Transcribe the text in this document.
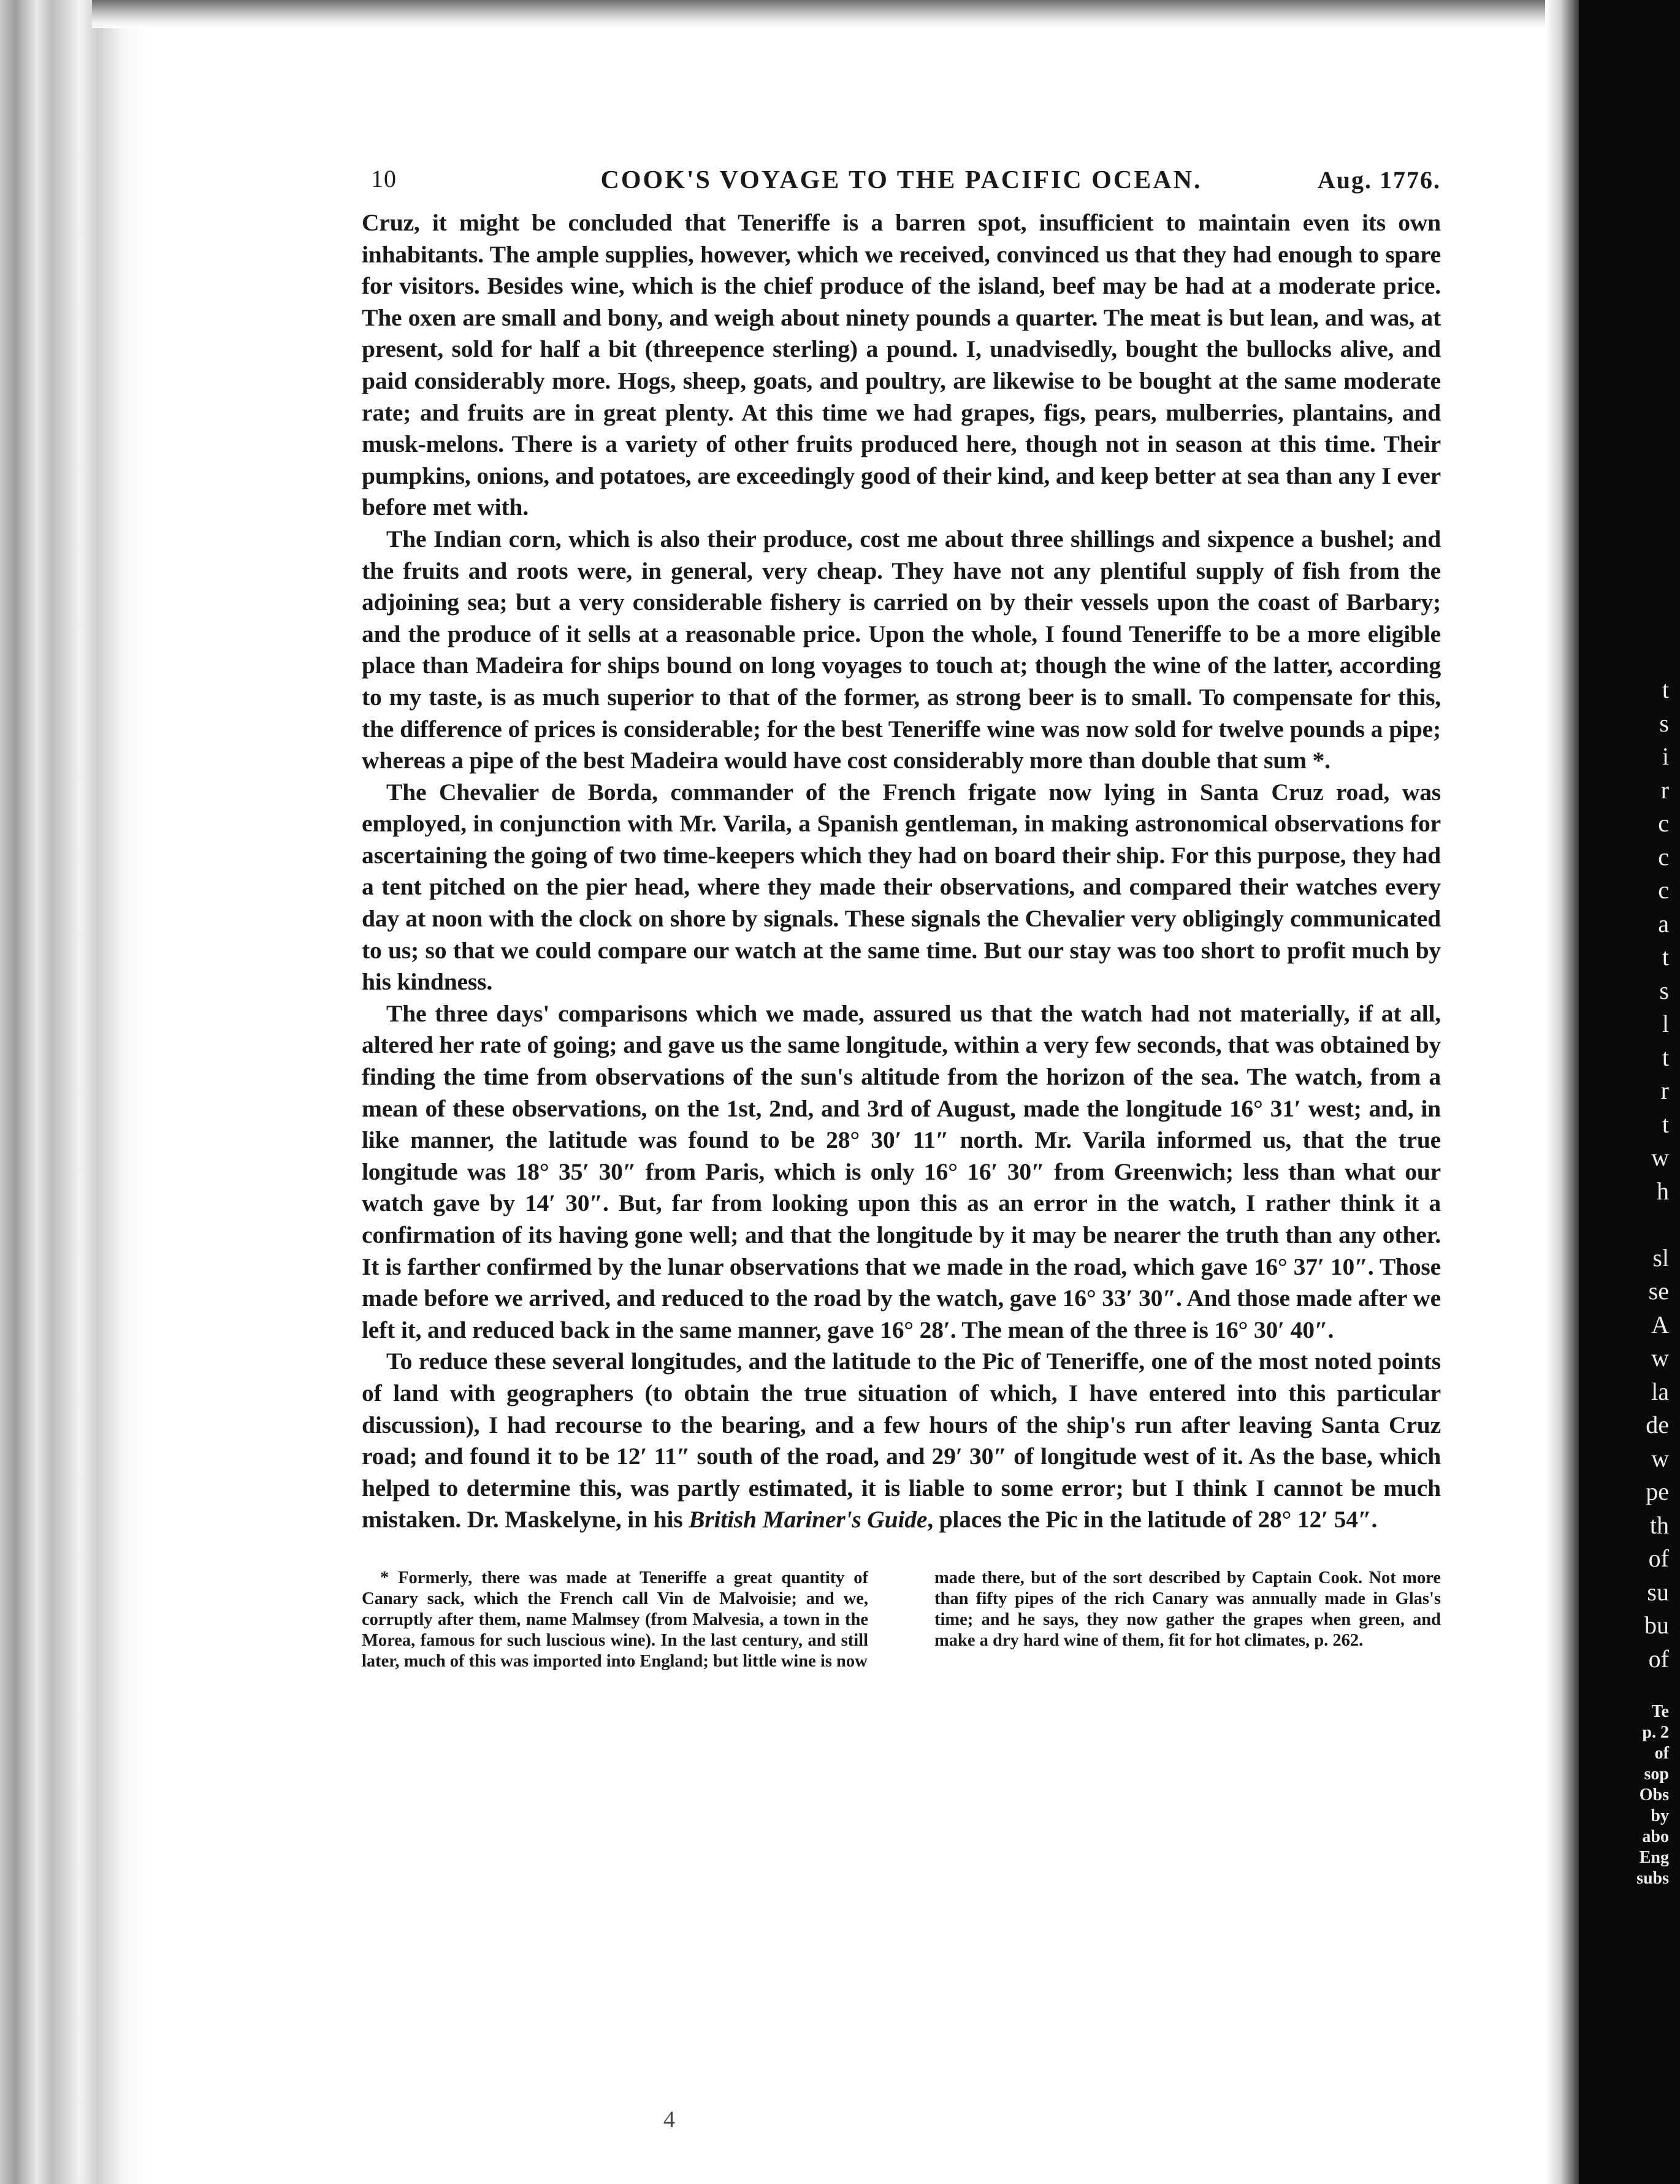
t
s
i
r
c
c
c
a
t
s
l
t
r
t
w
h
sl
se
A
w
la
de
w
pe
th
of
su
bu
of
Te
p. 2
of
sop
Obs
by
abo
Eng
subs
10	COOK'S VOYAGE TO THE PACIFIC OCEAN.	Aug. 1776.

Cruz, it might be concluded that Teneriffe is a barren spot, insufficient to maintain even its own inhabitants. The ample supplies, however, which we received, convinced us that they had enough to spare for visitors. Besides wine, which is the chief produce of the island, beef may be had at a moderate price. The oxen are small and bony, and weigh about ninety pounds a quarter. The meat is but lean, and was, at present, sold for half a bit (threepence sterling) a pound. I, unadvisedly, bought the bullocks alive, and paid considerably more. Hogs, sheep, goats, and poultry, are likewise to be bought at the same moderate rate; and fruits are in great plenty. At this time we had grapes, figs, pears, mulberries, plantains, and musk-melons. There is a variety of other fruits produced here, though not in season at this time. Their pumpkins, onions, and potatoes, are exceedingly good of their kind, and keep better at sea than any I ever before met with.

The Indian corn, which is also their produce, cost me about three shillings and sixpence a bushel; and the fruits and roots were, in general, very cheap. They have not any plentiful supply of fish from the adjoining sea; but a very considerable fishery is carried on by their vessels upon the coast of Barbary; and the produce of it sells at a reasonable price. Upon the whole, I found Teneriffe to be a more eligible place than Madeira for ships bound on long voyages to touch at; though the wine of the latter, according to my taste, is as much superior to that of the former, as strong beer is to small. To compensate for this, the difference of prices is considerable; for the best Teneriffe wine was now sold for twelve pounds a pipe; whereas a pipe of the best Madeira would have cost considerably more than double that sum *.

The Chevalier de Borda, commander of the French frigate now lying in Santa Cruz road, was employed, in conjunction with Mr. Varila, a Spanish gentleman, in making astronomical observations for ascertaining the going of two time-keepers which they had on board their ship. For this purpose, they had a tent pitched on the pier head, where they made their observations, and compared their watches every day at noon with the clock on shore by signals. These signals the Chevalier very obligingly communicated to us; so that we could compare our watch at the same time. But our stay was too short to profit much by his kindness.

The three days' comparisons which we made, assured us that the watch had not materially, if at all, altered her rate of going; and gave us the same longitude, within a very few seconds, that was obtained by finding the time from observations of the sun's altitude from the horizon of the sea. The watch, from a mean of these observations, on the 1st, 2nd, and 3rd of August, made the longitude 16° 31′ west; and, in like manner, the latitude was found to be 28° 30′ 11″ north. Mr. Varila informed us, that the true longitude was 18° 35′ 30″ from Paris, which is only 16° 16′ 30″ from Greenwich; less than what our watch gave by 14′ 30″. But, far from looking upon this as an error in the watch, I rather think it a confirmation of its having gone well; and that the longitude by it may be nearer the truth than any other. It is farther confirmed by the lunar observations that we made in the road, which gave 16° 37′ 10″. Those made before we arrived, and reduced to the road by the watch, gave 16° 33′ 30″. And those made after we left it, and reduced back in the same manner, gave 16° 28′. The mean of the three is 16° 30′ 40″.

To reduce these several longitudes, and the latitude to the Pic of Teneriffe, one of the most noted points of land with geographers (to obtain the true situation of which, I have entered into this particular discussion), I had recourse to the bearing, and a few hours of the ship's run after leaving Santa Cruz road; and found it to be 12′ 11″ south of the road, and 29′ 30″ of longitude west of it. As the base, which helped to determine this, was partly estimated, it is liable to some error; but I think I cannot be much mistaken. Dr. Maskelyne, in his British Mariner's Guide, places the Pic in the latitude of 28° 12′ 54″.

* Formerly, there was made at Teneriffe a great quantity of Canary sack, which the French call Vin de Malvoisie; and we, corruptly after them, name Malmsey (from Malvesia, a town in the Morea, famous for such luscious wine). In the last century, and still later, much of this was imported into England; but little wine is now

made there, but of the sort described by Captain Cook. Not more than fifty pipes of the rich Canary was annually made in Glas's time; and he says, they now gather the grapes when green, and make a dry hard wine of them, fit for hot climates, p. 262.

4
